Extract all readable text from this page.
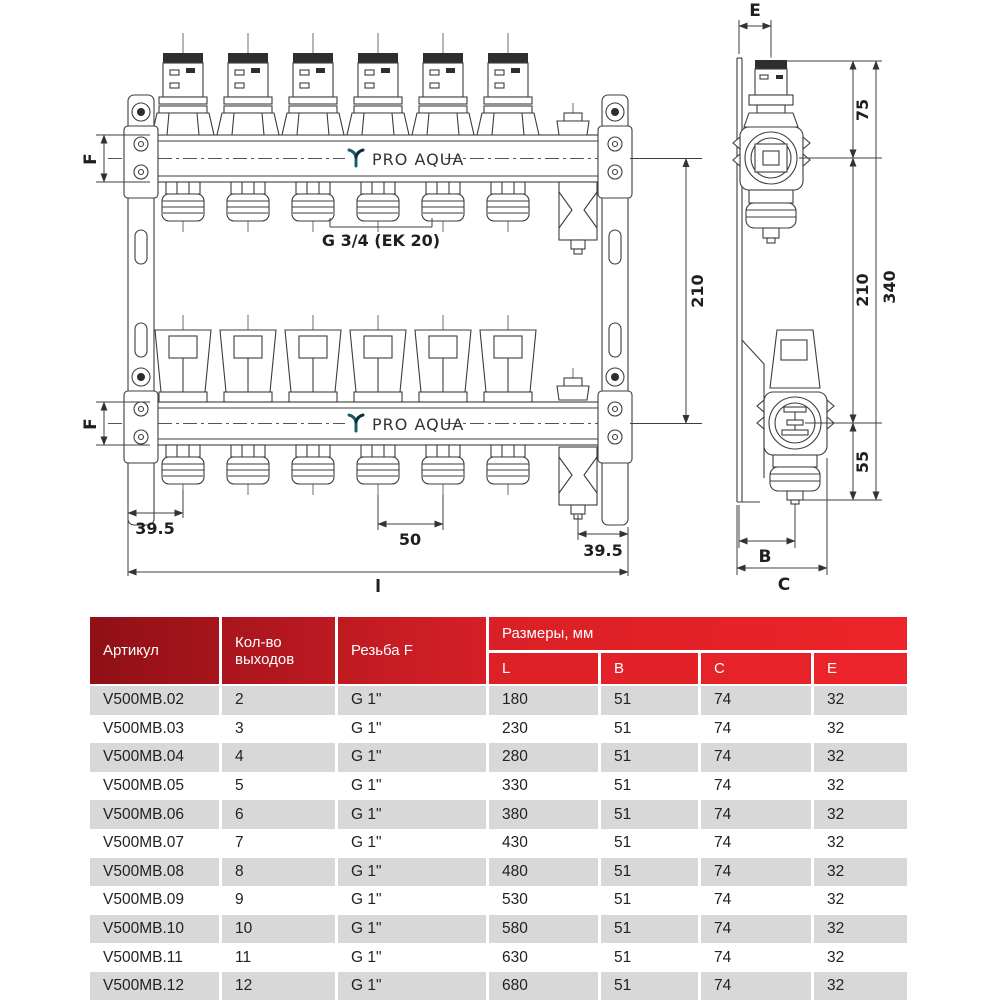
PRO AQUA
PRO AQUA
G 3/4 (EK 20)
F
F
210
39.5
50
39.5
l
E
75
210
55
340
B
C
Артикул	Кол-во выходов	Резьба F
Размеры, мм
L	B	C	E
V500MB.02	2	G 1"	180	51	74	32
V500MB.03	3	G 1"	230	51	74	32
V500MB.04	4	G 1"	280	51	74	32
V500MB.05	5	G 1"	330	51	74	32
V500MB.06	6	G 1"	380	51	74	32
V500MB.07	7	G 1"	430	51	74	32
V500MB.08	8	G 1"	480	51	74	32
V500MB.09	9	G 1"	530	51	74	32
V500MB.10	10	G 1"	580	51	74	32
V500MB.11	11	G 1"	630	51	74	32
V500MB.12	12	G 1"	680	51	74	32
